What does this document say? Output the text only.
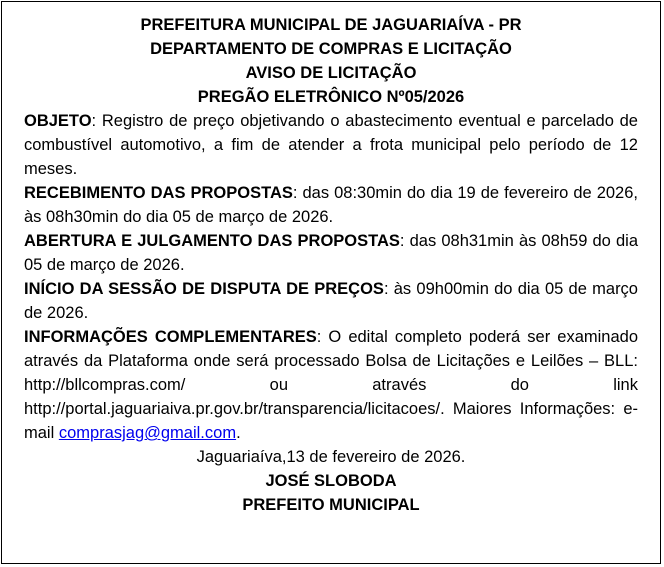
PREFEITURA MUNICIPAL DE JAGUARIAÍVA - PR
DEPARTAMENTO DE COMPRAS E LICITAÇÃO
AVISO DE LICITAÇÃO
PREGÃO ELETRÔNICO Nº05/2026

OBJETO: Registro de preço objetivando o abastecimento eventual e parcelado de combustível automotivo, a fim de atender a frota municipal pelo período de 12 meses.

RECEBIMENTO DAS PROPOSTAS: das 08:30min do dia 19 de fevereiro de 2026, às 08h30min do dia 05 de março de 2026.

ABERTURA E JULGAMENTO DAS PROPOSTAS: das 08h31min às 08h59 do dia 05 de março de 2026.

INÍCIO DA SESSÃO DE DISPUTA DE PREÇOS: às 09h00min do dia 05 de março de 2026.

INFORMAÇÕES COMPLEMENTARES: O edital completo poderá ser examinado através da Plataforma onde será processado Bolsa de Licitações e Leilões – BLL: http://bllcompras.com/ ou através do link http://portal.jaguariaiva.pr.gov.br/transparencia/licitacoes/. Maiores Informações: e-mail comprasjag@gmail.com.

Jaguariaíva,13 de fevereiro de 2026.
JOSÉ SLOBODA
PREFEITO MUNICIPAL
